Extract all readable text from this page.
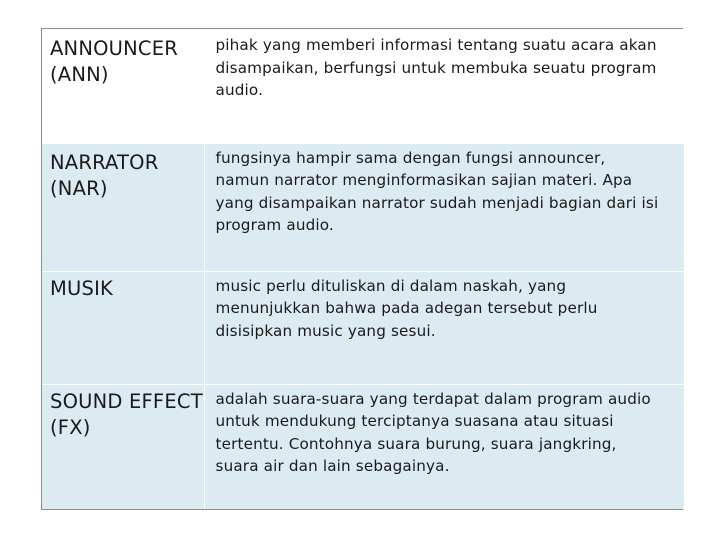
ANNOUNCER
(ANN)	pihak yang memberi informasi tentang suatu acara akan
disampaikan, berfungsi untuk membuka seuatu program
audio.

NARRATOR
(NAR)	fungsinya hampir sama dengan fungsi announcer,
namun narrator menginformasikan sajian materi. Apa
yang disampaikan narrator sudah menjadi bagian dari isi
program audio.

MUSIK	music perlu dituliskan di dalam naskah, yang
menunjukkan bahwa pada adegan tersebut perlu
disisipkan music yang sesui.

SOUND EFFECT
(FX)	adalah suara-suara yang terdapat dalam program audio
untuk mendukung terciptanya suasana atau situasi
tertentu. Contohnya suara burung, suara jangkring,
suara air dan lain sebagainya.
